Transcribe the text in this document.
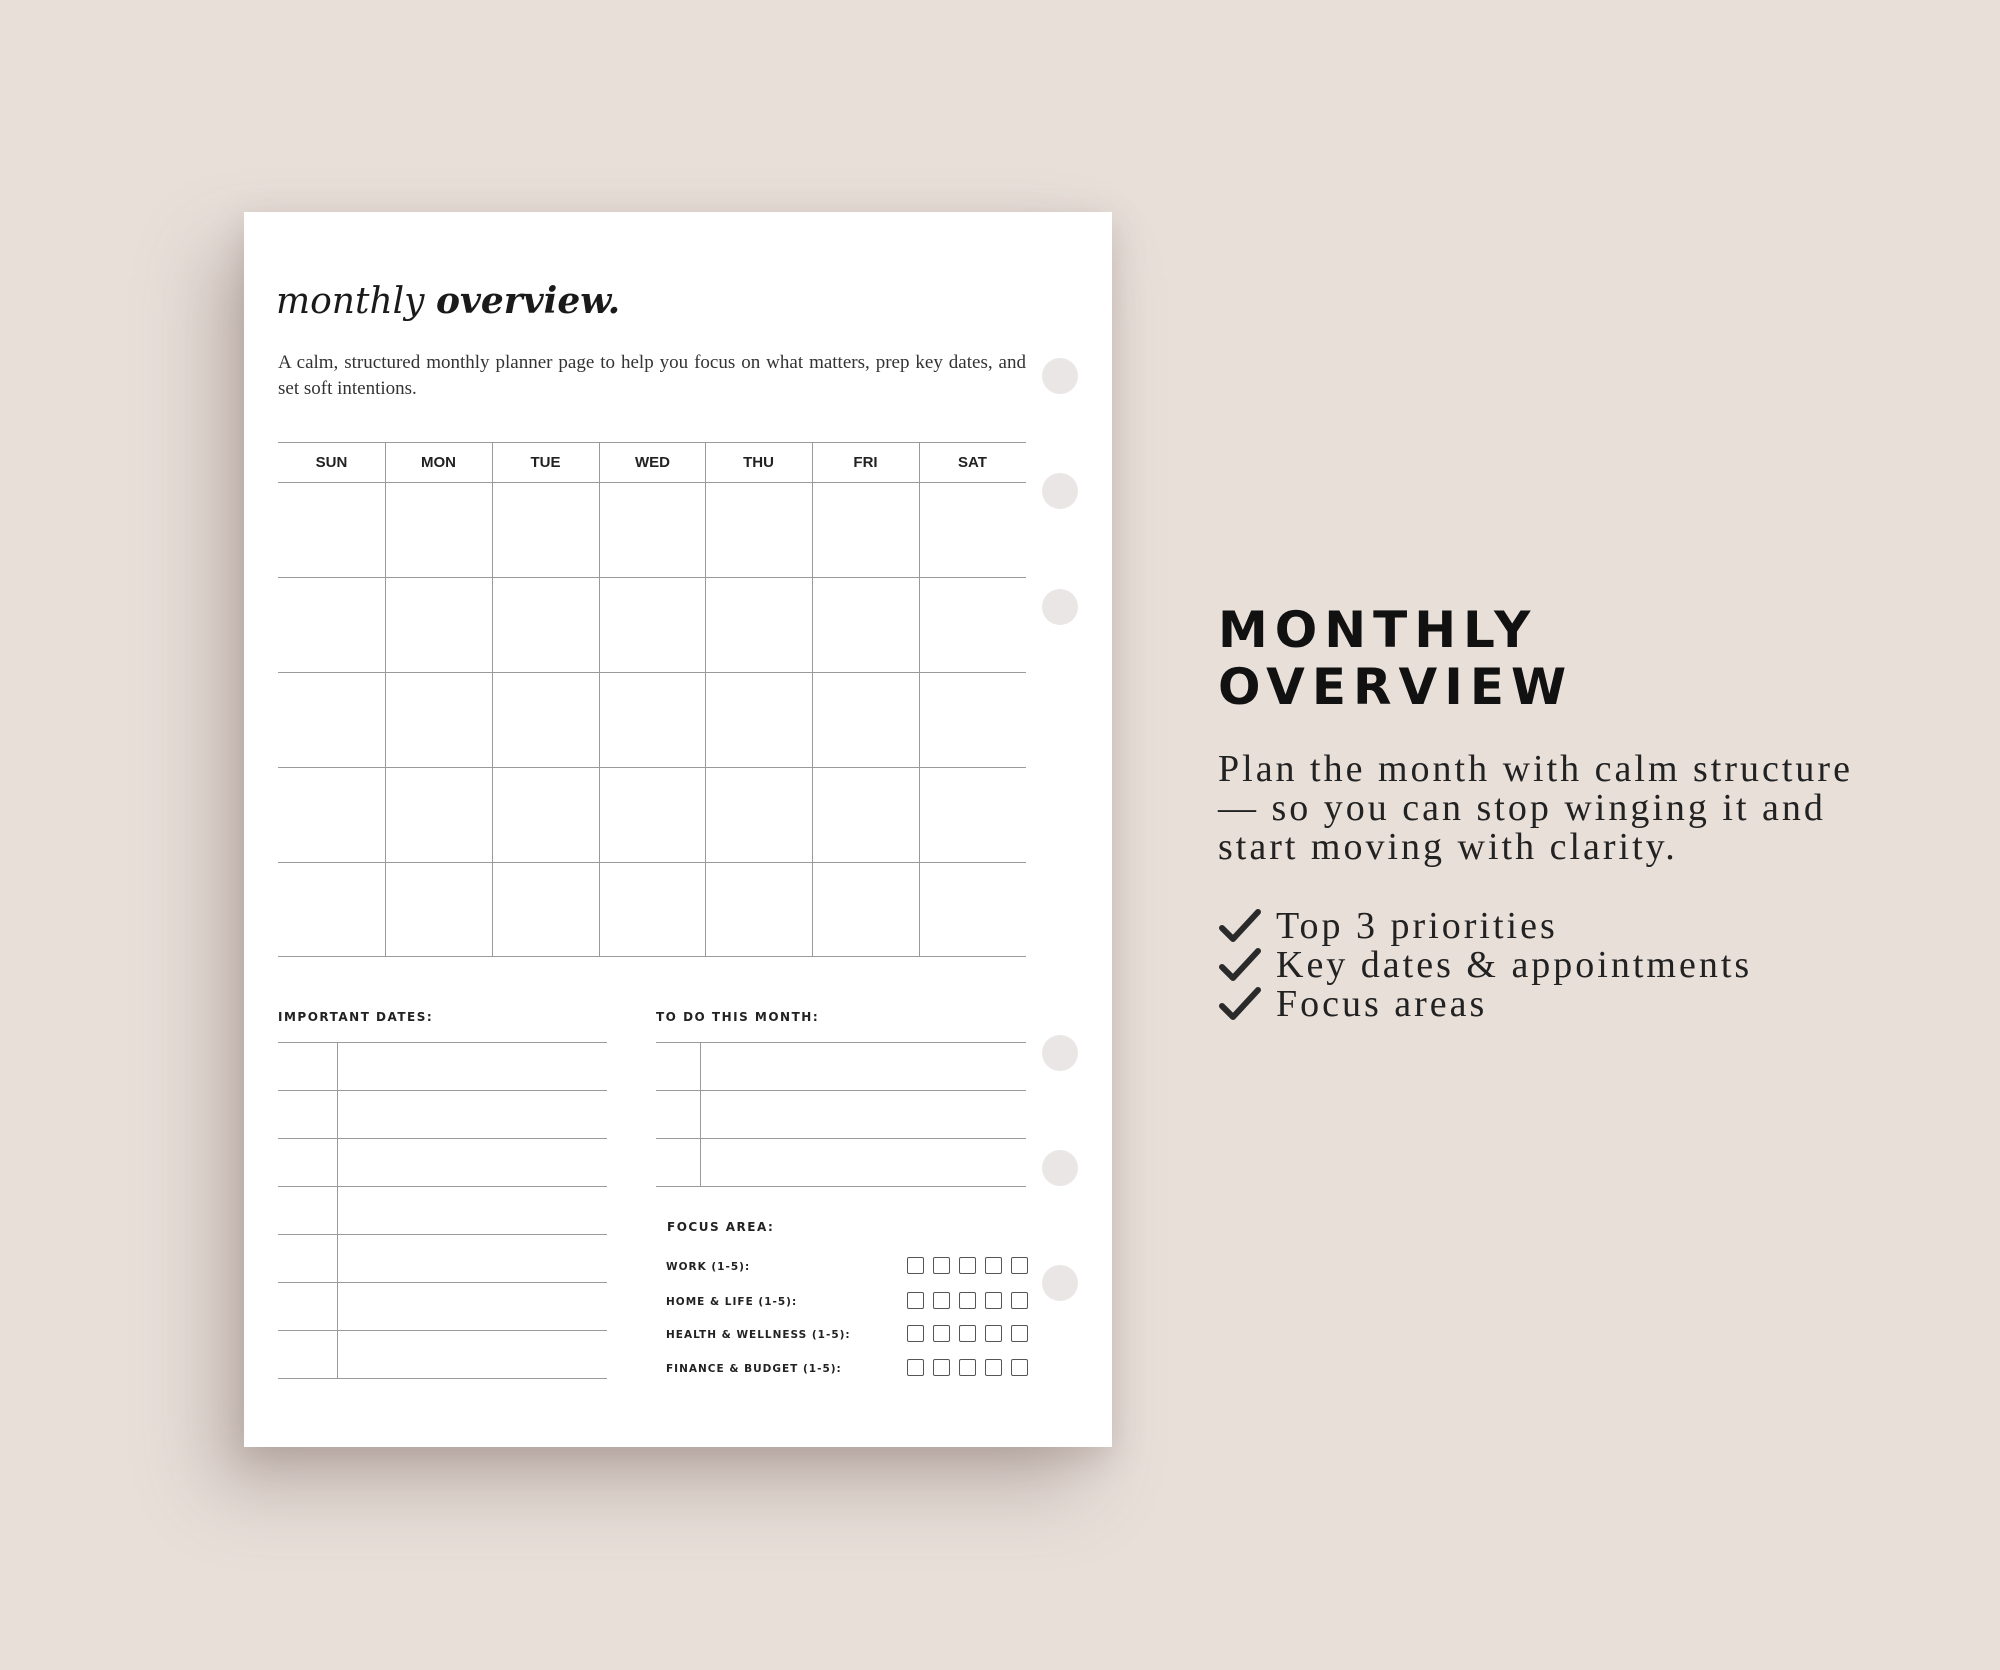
monthly overview.
A calm, structured monthly planner page to help you focus on what matters, prep key dates, and set soft intentions.
SUN	MON	TUE	WED	THU	FRI	SAT
IMPORTANT DATES:	TO DO THIS MONTH:
FOCUS AREA:
WORK (1-5):
HOME & LIFE (1-5):
HEALTH & WELLNESS (1-5):
FINANCE & BUDGET (1-5):
MONTHLY
OVERVIEW
Plan the month with calm structure — so you can stop winging it and start moving with clarity.
Top 3 priorities
Key dates & appointments
Focus areas
